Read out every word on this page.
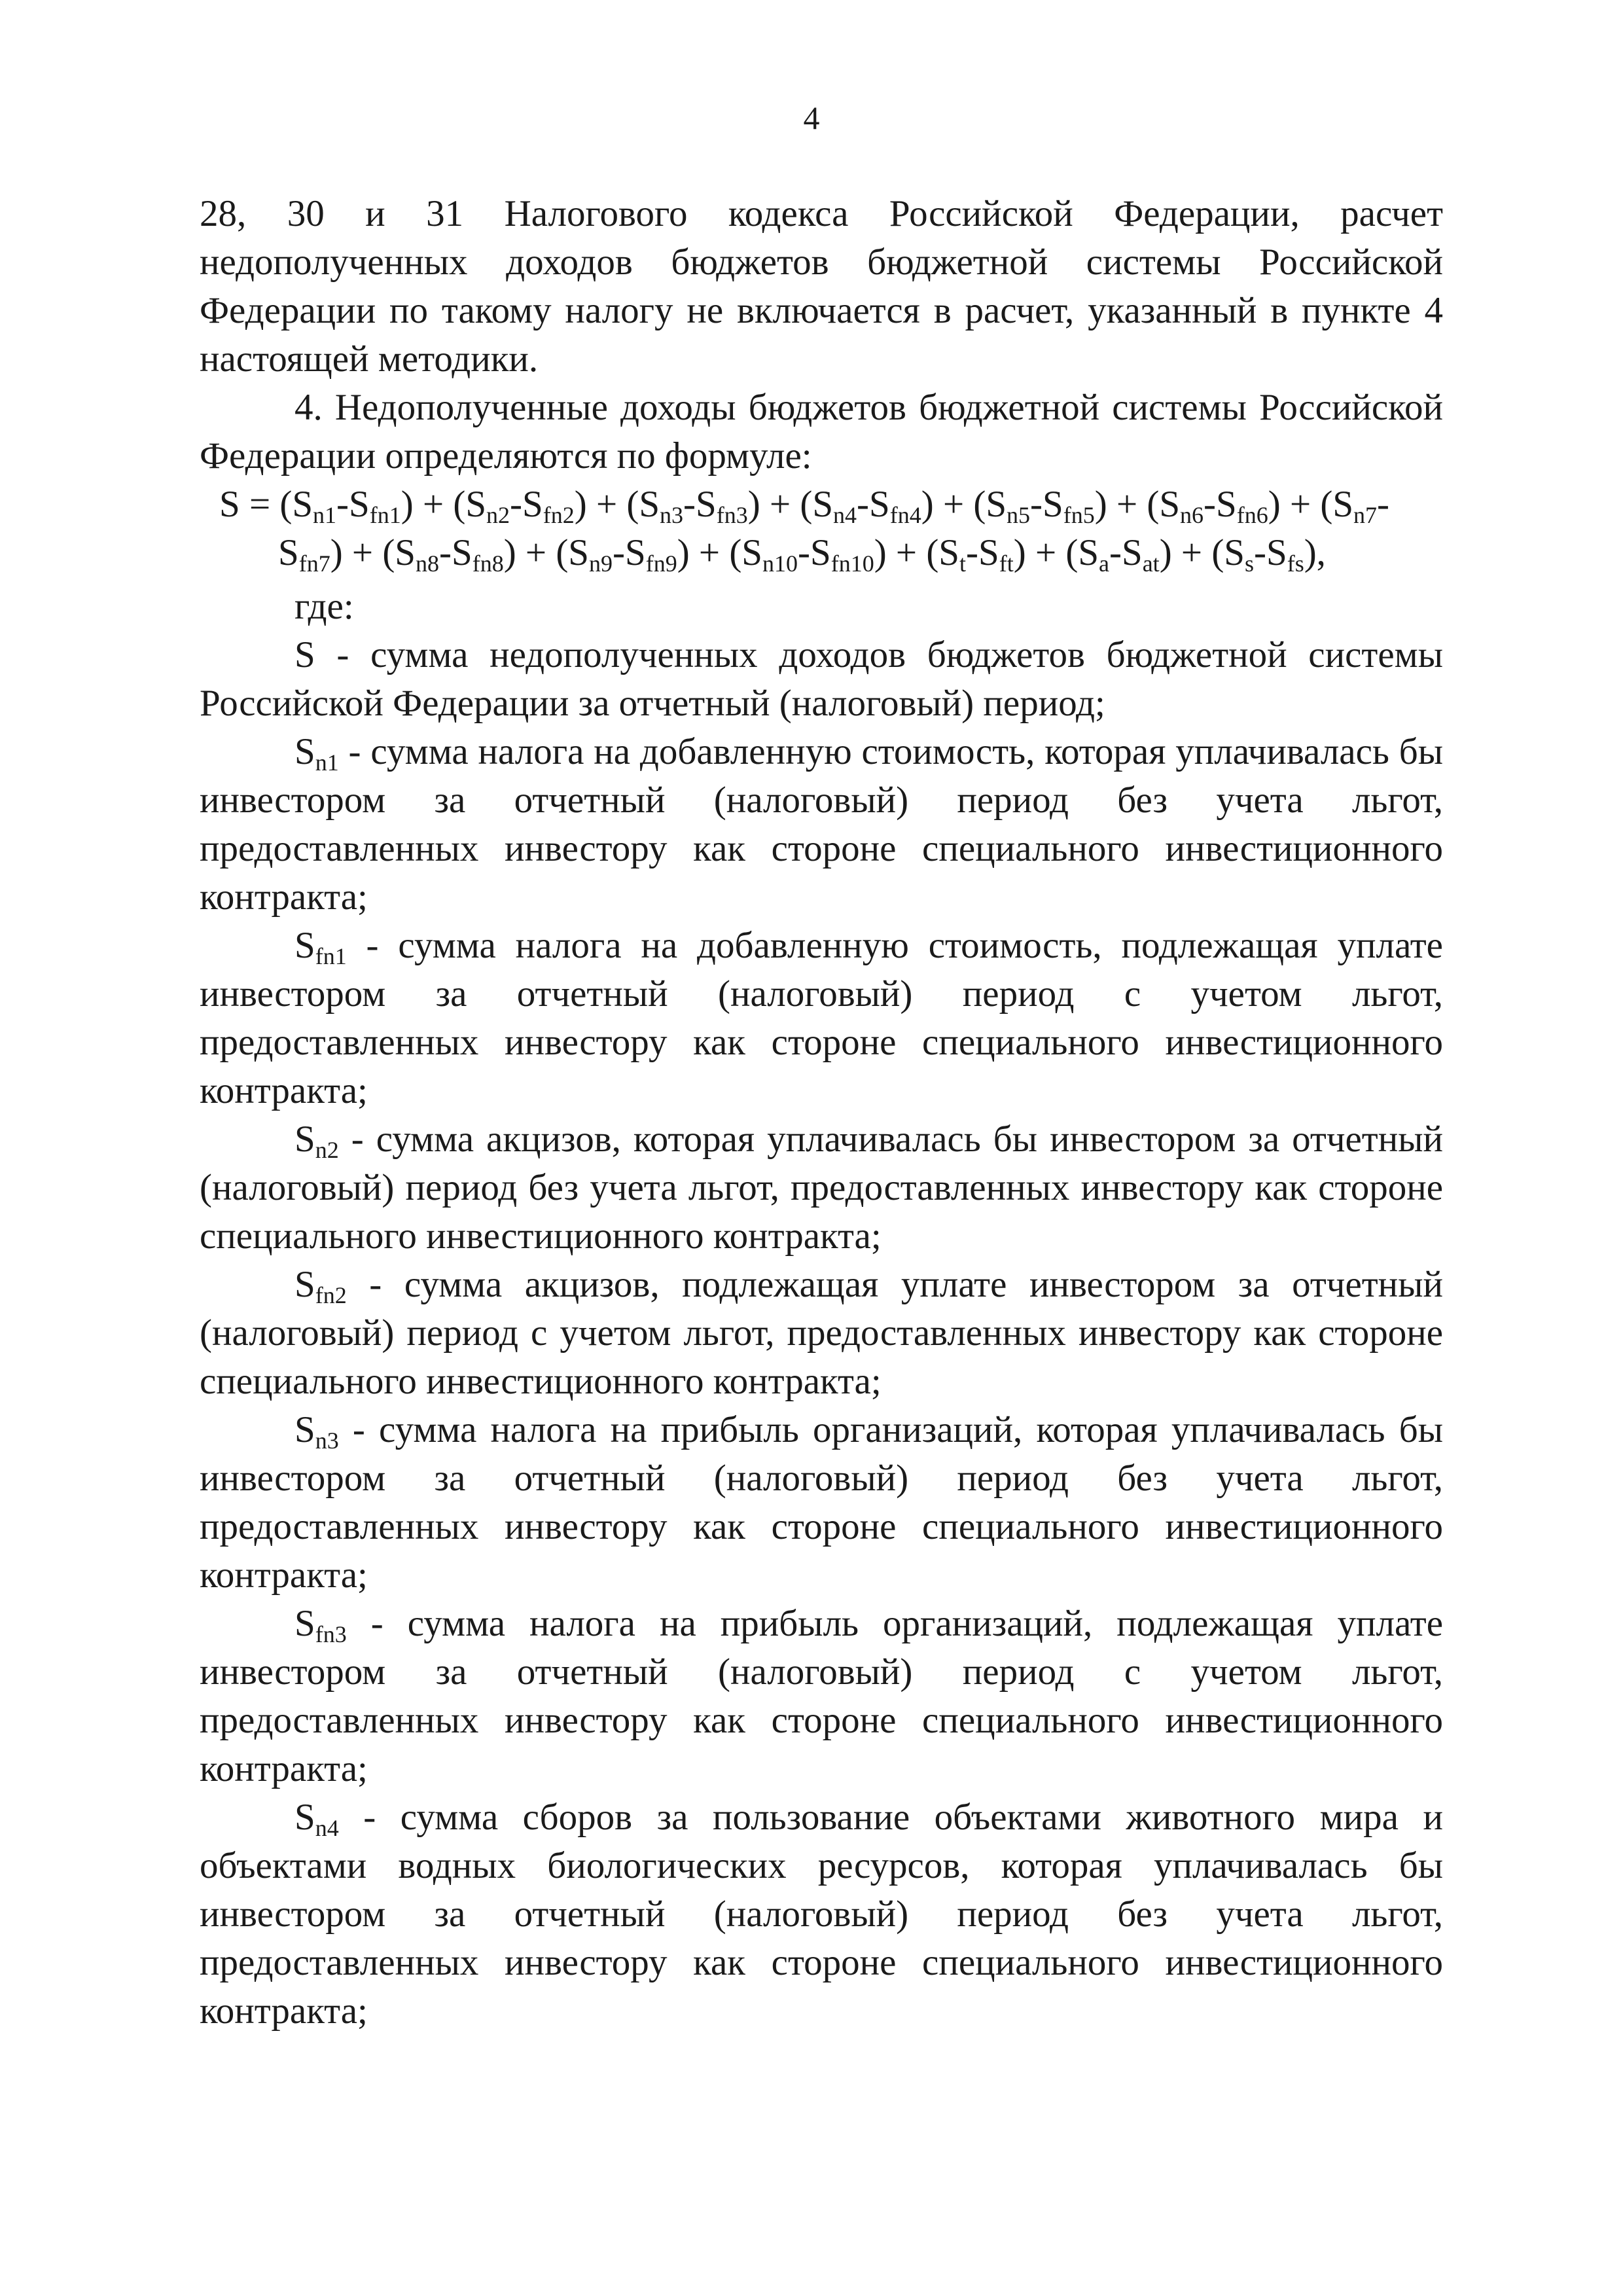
4

28, 30 и 31 Налогового кодекса Российской Федерации, расчет недополученных доходов бюджетов бюджетной системы Российской Федерации по такому налогу не включается в расчет, указанный в пункте 4 настоящей методики.

4. Недополученные доходы бюджетов бюджетной системы Российской Федерации определяются по формуле:

$S = (S_{n1}-S_{fn1}) + (S_{n2}-S_{fn2}) + (S_{n3}-S_{fn3}) + (S_{n4}-S_{fn4}) + (S_{n5}-S_{fn5}) + (S_{n6}-S_{fn6}) + (S_{n7}-$
$S_{fn7}) + (S_{n8}-S_{fn8}) + (S_{n9}-S_{fn9}) + (S_{n10}-S_{fn10}) + (S_t-S_{ft}) + (S_a-S_{at}) + (S_s-S_{fs})$,

где:

S - сумма недополученных доходов бюджетов бюджетной системы Российской Федерации за отчетный (налоговый) период;

$S_{n1}$ - сумма налога на добавленную стоимость, которая уплачивалась бы инвестором за отчетный (налоговый) период без учета льгот, предоставленных инвестору как стороне специального инвестиционного контракта;

$S_{fn1}$ - сумма налога на добавленную стоимость, подлежащая уплате инвестором за отчетный (налоговый) период с учетом льгот, предоставленных инвестору как стороне специального инвестиционного контракта;

$S_{n2}$ - сумма акцизов, которая уплачивалась бы инвестором за отчетный (налоговый) период без учета льгот, предоставленных инвестору как стороне специального инвестиционного контракта;

$S_{fn2}$ - сумма акцизов, подлежащая уплате инвестором за отчетный (налоговый) период с учетом льгот, предоставленных инвестору как стороне специального инвестиционного контракта;

$S_{n3}$ - сумма налога на прибыль организаций, которая уплачивалась бы инвестором за отчетный (налоговый) период без учета льгот, предоставленных инвестору как стороне специального инвестиционного контракта;

$S_{fn3}$ - сумма налога на прибыль организаций, подлежащая уплате инвестором за отчетный (налоговый) период с учетом льгот, предоставленных инвестору как стороне специального инвестиционного контракта;

$S_{n4}$ - сумма сборов за пользование объектами животного мира и объектами водных биологических ресурсов, которая уплачивалась бы инвестором за отчетный (налоговый) период без учета льгот, предоставленных инвестору как стороне специального инвестиционного контракта;
